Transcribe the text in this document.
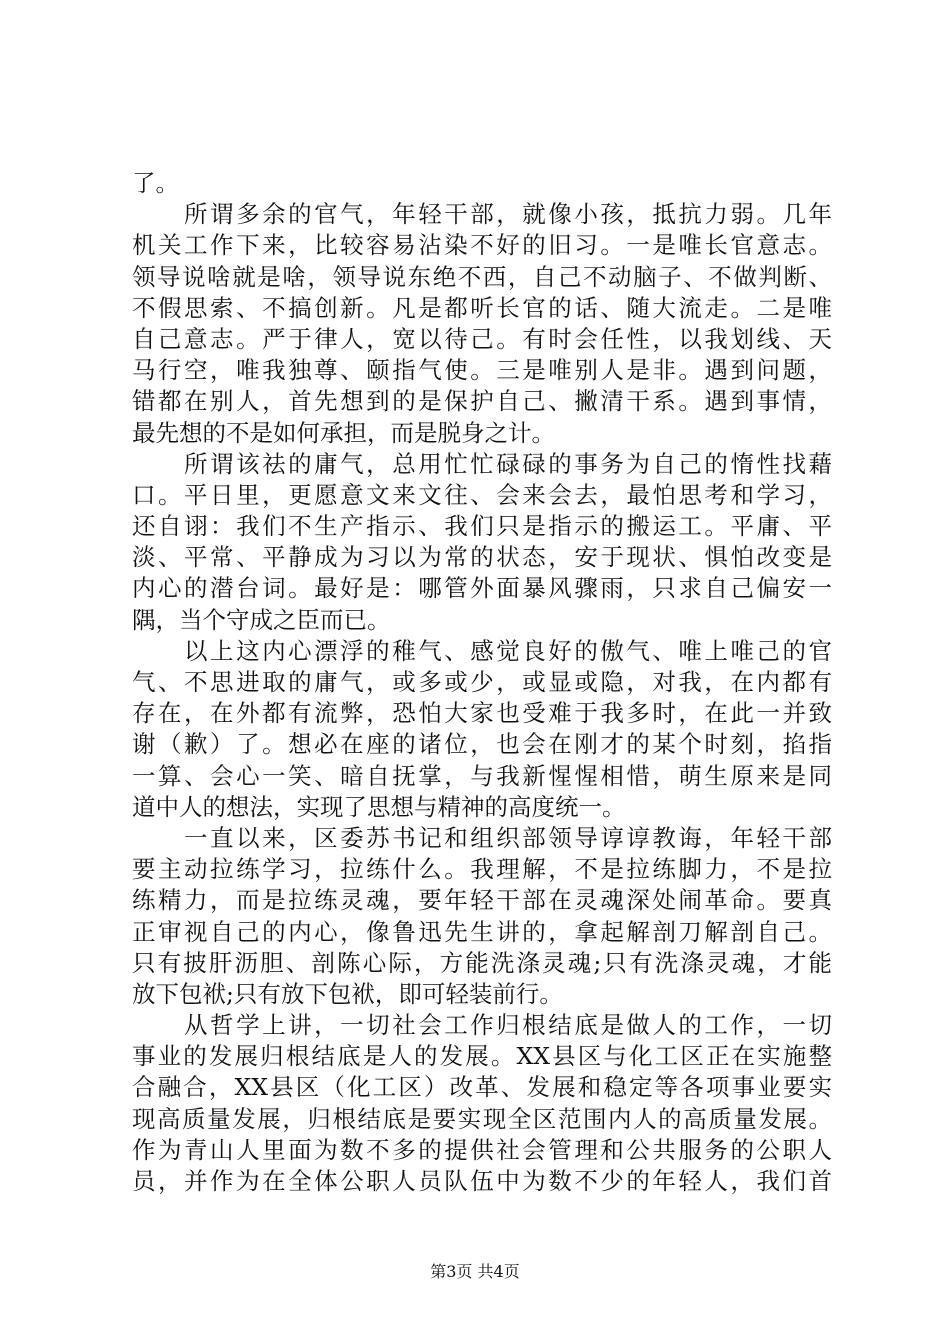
了。
　　所谓多余的官气，年轻干部，就像小孩，抵抗力弱。几年
机关工作下来，比较容易沾染不好的旧习。一是唯长官意志。
领导说啥就是啥，领导说东绝不西，自己不动脑子、不做判断、
不假思索、不搞创新。凡是都听长官的话、随大流走。二是唯
自己意志。严于律人，宽以待己。有时会任性，以我划线、天
马行空，唯我独尊、颐指气使。三是唯别人是非。遇到问题，
错都在别人，首先想到的是保护自己、撇清干系。遇到事情，
最先想的不是如何承担，而是脱身之计。
　　所谓该祛的庸气，总用忙忙碌碌的事务为自己的惰性找藉
口。平日里，更愿意文来文往、会来会去，最怕思考和学习，
还自诩：我们不生产指示、我们只是指示的搬运工。平庸、平
淡、平常、平静成为习以为常的状态，安于现状、惧怕改变是
内心的潜台词。最好是：哪管外面暴风骤雨，只求自己偏安一
隅，当个守成之臣而已。
　　以上这内心漂浮的稚气、感觉良好的傲气、唯上唯己的官
气、不思进取的庸气，或多或少，或显或隐，对我，在内都有
存在，在外都有流弊，恐怕大家也受难于我多时，在此一并致
谢（歉）了。想必在座的诸位，也会在刚才的某个时刻，掐指
一算、会心一笑、暗自抚掌，与我新惺惺相惜，萌生原来是同
道中人的想法，实现了思想与精神的高度统一。
　　一直以来，区委苏书记和组织部领导谆谆教诲，年轻干部
要主动拉练学习，拉练什么。我理解，不是拉练脚力，不是拉
练精力，而是拉练灵魂，要年轻干部在灵魂深处闹革命。要真
正审视自己的内心，像鲁迅先生讲的，拿起解剖刀解剖自己。
只有披肝沥胆、剖陈心际，方能洗涤灵魂;只有洗涤灵魂，才能
放下包袱;只有放下包袱，即可轻装前行。
　　从哲学上讲，一切社会工作归根结底是做人的工作，一切
事业的发展归根结底是人的发展。XX县区与化工区正在实施整
合融合，XX县区（化工区）改革、发展和稳定等各项事业要实
现高质量发展，归根结底是要实现全区范围内人的高质量发展。
作为青山人里面为数不多的提供社会管理和公共服务的公职人
员，并作为在全体公职人员队伍中为数不少的年轻人，我们首
第3页 共4页
